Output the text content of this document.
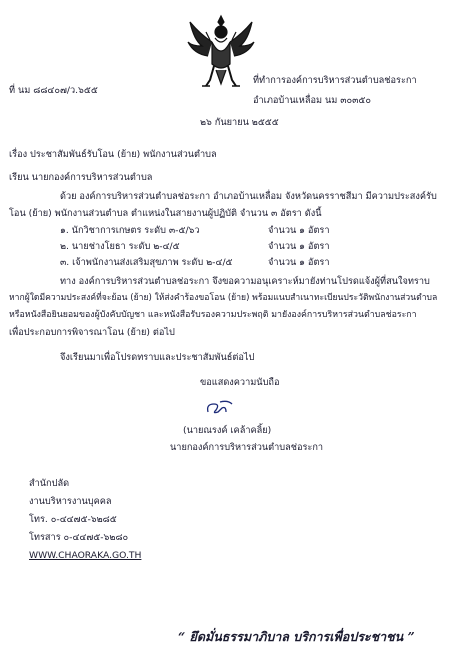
ที่ นม ๘๘๔๐๗/ว.๖๕๕
ที่ทำการองค์การบริหารส่วนตำบลช่อระกา
อำเภอบ้านเหลื่อม นม ๓๐๓๕๐
๒๖ กันยายน ๒๕๕๕
เรื่อง ประชาสัมพันธ์รับโอน (ย้าย) พนักงานส่วนตำบล
เรียน นายกองค์การบริหารส่วนตำบล
ด้วย องค์การบริหารส่วนตำบลช่อระกา อำเภอบ้านเหลื่อม จังหวัดนครราชสีมา มีความประสงค์รับ
โอน (ย้าย) พนักงานส่วนตำบล ตำแหน่งในสายงานผู้ปฏิบัติ จำนวน ๓ อัตรา ดังนี้
๑. นักวิชาการเกษตร ระดับ ๓-๕/๖ว	จำนวน ๑ อัตรา
๒. นายช่างโยธา ระดับ ๒-๔/๕	จำนวน ๑ อัตรา
๓. เจ้าพนักงานส่งเสริมสุขภาพ ระดับ ๒-๔/๕	จำนวน ๑ อัตรา
ทาง องค์การบริหารส่วนตำบลช่อระกา จึงขอความอนุเคราะห์มายังท่านโปรดแจ้งผู้ที่สนใจทราบ
หากผู้ใดมีความประสงค์ที่จะย้อน (ย้าย) ให้ส่งคำร้องขอโอน (ย้าย) พร้อมแนบสำเนาทะเบียนประวัติพนักงานส่วนตำบล
หรือหนังสือยินยอมของผู้บังคับบัญชา และหนังสือรับรองความประพฤติ มายังองค์การบริหารส่วนตำบลช่อระกา
เพื่อประกอบการพิจารณาโอน (ย้าย) ต่อไป
จึงเรียนมาเพื่อโปรดทราบและประชาสัมพันธ์ต่อไป
ขอแสดงความนับถือ
(นายณรงค์ เคล้าคลิ้ย)
นายกองค์การบริหารส่วนตำบลช่อระกา
สำนักปลัด
งานบริหารงานบุคคล
โทร. ๐-๔๔๗๕-๖๒๘๕
โทรสาร ๐-๔๔๗๕-๖๒๘๐
WWW.CHAORAKA.GO.TH
“ ยึดมั่นธรรมาภิบาล บริการเพื่อประชาชน ”
